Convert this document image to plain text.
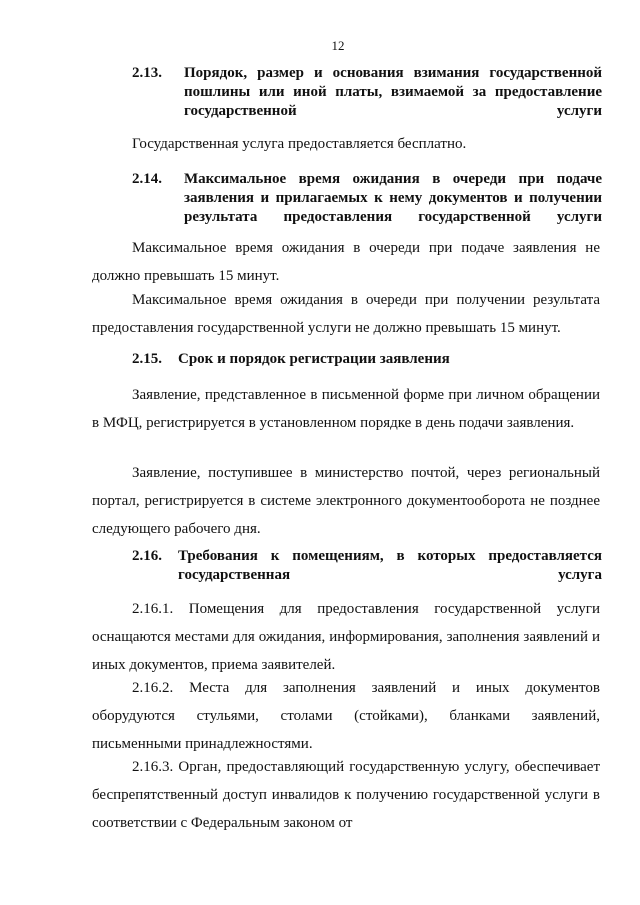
12
2.13. Порядок, размер и основания взимания государственной пошлины или иной платы, взимаемой за предоставление государственной услуги

Государственная услуга предоставляется бесплатно.

2.14. Максимальное время ожидания в очереди при подаче заявления и прилагаемых к нему документов и получении результата предоставления государственной услуги

Максимальное время ожидания в очереди при подаче заявления не должно превышать 15 минут.

Максимальное время ожидания в очереди при получении результата предоставления государственной услуги не должно превышать 15 минут.

2.15. Срок и порядок регистрации заявления

Заявление, представленное в письменной форме при личном обращении в МФЦ, регистрируется в установленном порядке в день подачи заявления.

Заявление, поступившее в министерство почтой, через региональный портал, регистрируется в системе электронного документооборота не позднее следующего рабочего дня.

2.16. Требования к помещениям, в которых предоставляется государственная услуга

2.16.1. Помещения для предоставления государственной услуги оснащаются местами для ожидания, информирования, заполнения заявлений и иных документов, приема заявителей.

2.16.2. Места для заполнения заявлений и иных документов оборудуются стульями, столами (стойками), бланками заявлений, письменными принадлежностями.

2.16.3. Орган, предоставляющий государственную услугу, обеспечивает беспрепятственный доступ инвалидов к получению государственной услуги в соответствии с Федеральным законом от
